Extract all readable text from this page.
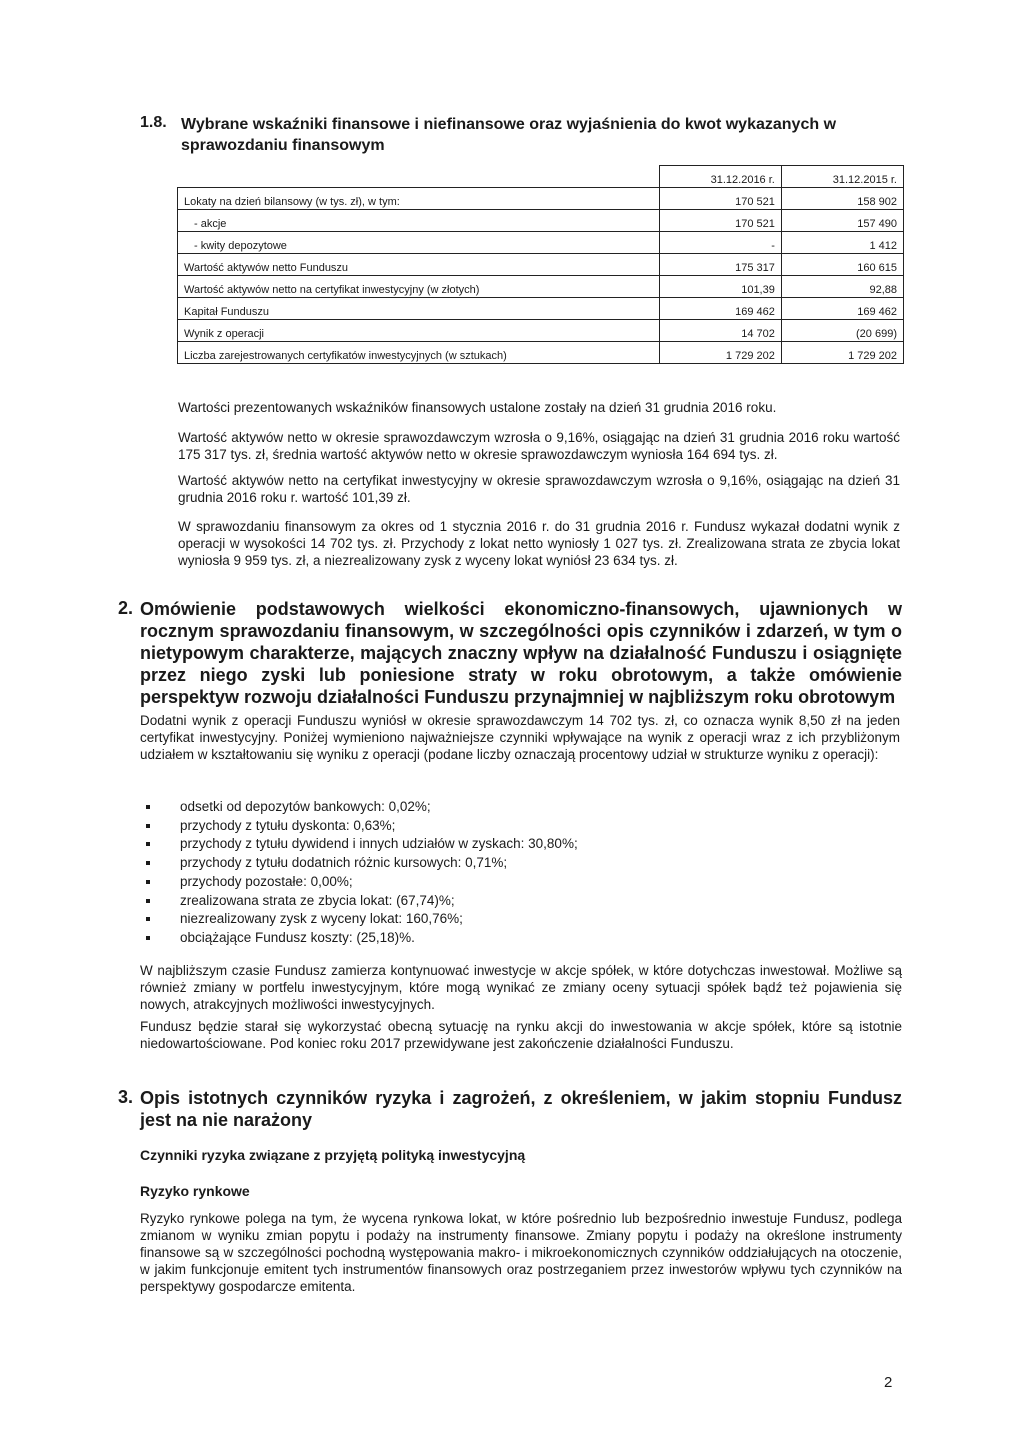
1.8. Wybrane wskaźniki finansowe i niefinansowe oraz wyjaśnienia do kwot wykazanych w sprawozdaniu finansowym
	31.12.2016 r.	31.12.2015 r.
Lokaty na dzień bilansowy (w tys. zł), w tym:	170 521	158 902
- akcje	170 521	157 490
- kwity depozytowe	-	1 412
Wartość aktywów netto Funduszu	175 317	160 615
Wartość aktywów netto na certyfikat inwestycyjny (w złotych)	101,39	92,88
Kapitał Funduszu	169 462	169 462
Wynik z operacji	14 702	(20 699)
Liczba zarejestrowanych certyfikatów inwestycyjnych (w sztukach)	1 729 202	1 729 202
Wartości prezentowanych wskaźników finansowych ustalone zostały na dzień 31 grudnia 2016 roku.
Wartość aktywów netto w okresie sprawozdawczym wzrosła o 9,16%, osiągając na dzień 31 grudnia 2016 roku wartość 175 317 tys. zł, średnia wartość aktywów netto w okresie sprawozdawczym wyniosła 164 694 tys. zł.
Wartość aktywów netto na certyfikat inwestycyjny w okresie sprawozdawczym wzrosła o 9,16%, osiągając na dzień 31 grudnia 2016 roku r. wartość 101,39 zł.
W sprawozdaniu finansowym za okres od 1 stycznia 2016 r. do 31 grudnia 2016 r. Fundusz wykazał dodatni wynik z operacji w wysokości 14 702 tys. zł. Przychody z lokat netto wyniosły 1 027 tys. zł. Zrealizowana strata ze zbycia lokat wyniosła 9 959 tys. zł, a niezrealizowany zysk z wyceny lokat wyniósł 23 634 tys. zł.
2. Omówienie podstawowych wielkości ekonomiczno-finansowych, ujawnionych w rocznym sprawozdaniu finansowym, w szczególności opis czynników i zdarzeń, w tym o nietypowym charakterze, mających znaczny wpływ na działalność Funduszu i osiągnięte przez niego zyski lub poniesione straty w roku obrotowym, a także omówienie perspektyw rozwoju działalności Funduszu przynajmniej w najbliższym roku obrotowym
Dodatni wynik z operacji Funduszu wyniósł w okresie sprawozdawczym 14 702 tys. zł, co oznacza wynik 8,50 zł na jeden certyfikat inwestycyjny. Poniżej wymieniono najważniejsze czynniki wpływające na wynik z operacji wraz z ich przybliżonym udziałem w kształtowaniu się wyniku z operacji (podane liczby oznaczają procentowy udział w strukturze wyniku z operacji):
odsetki od depozytów bankowych: 0,02%;
przychody z tytułu dyskonta: 0,63%;
przychody z tytułu dywidend i innych udziałów w zyskach: 30,80%;
przychody z tytułu dodatnich różnic kursowych: 0,71%;
przychody pozostałe: 0,00%;
zrealizowana strata ze zbycia lokat: (67,74)%;
niezrealizowany zysk z wyceny lokat: 160,76%;
obciążające Fundusz koszty: (25,18)%.
W najbliższym czasie Fundusz zamierza kontynuować inwestycje w akcje spółek, w które dotychczas inwestował. Możliwe są również zmiany w portfelu inwestycyjnym, które mogą wynikać ze zmiany oceny sytuacji spółek bądź też pojawienia się nowych, atrakcyjnych możliwości inwestycyjnych.
Fundusz będzie starał się wykorzystać obecną sytuację na rynku akcji do inwestowania w akcje spółek, które są istotnie niedowartościowane. Pod koniec roku 2017 przewidywane jest zakończenie działalności Funduszu.
3. Opis istotnych czynników ryzyka i zagrożeń, z określeniem, w jakim stopniu Fundusz jest na nie narażony
Czynniki ryzyka związane z przyjętą polityką inwestycyjną
Ryzyko rynkowe
Ryzyko rynkowe polega na tym, że wycena rynkowa lokat, w które pośrednio lub bezpośrednio inwestuje Fundusz, podlega zmianom w wyniku zmian popytu i podaży na instrumenty finansowe. Zmiany popytu i podaży na określone instrumenty finansowe są w szczególności pochodną występowania makro- i mikroekonomicznych czynników oddziałujących na otoczenie, w jakim funkcjonuje emitent tych instrumentów finansowych oraz postrzeganiem przez inwestorów wpływu tych czynników na perspektywy gospodarcze emitenta.
2
